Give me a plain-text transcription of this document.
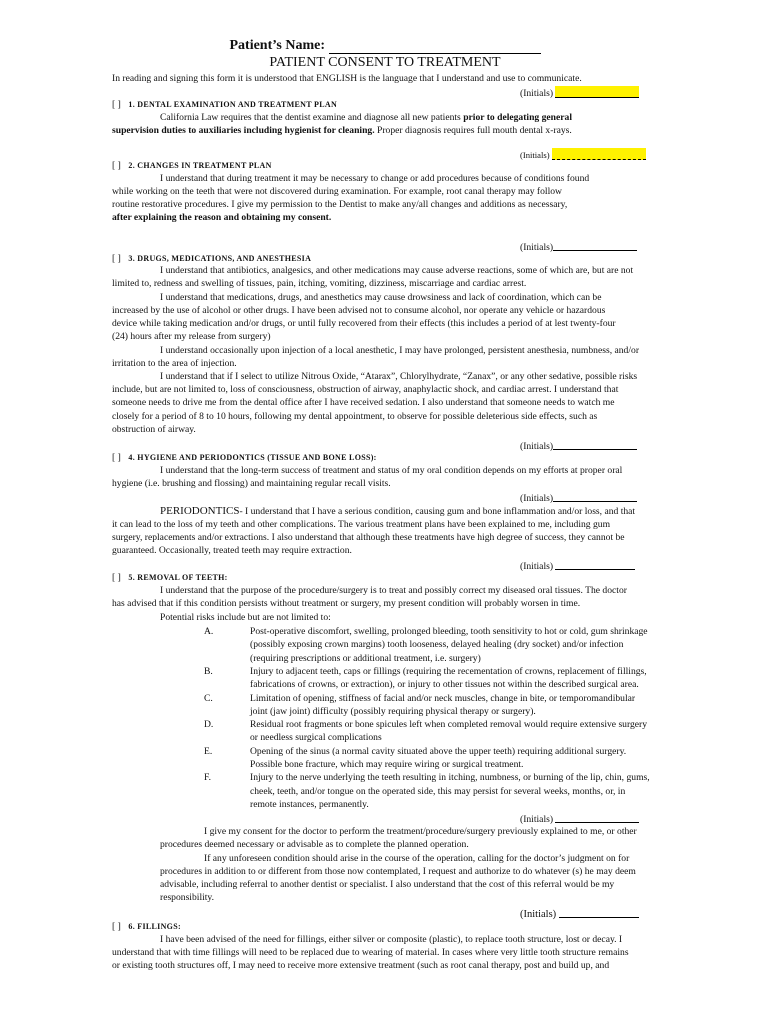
Patient’s Name:
PATIENT CONSENT TO TREATMENT
In reading and signing this form it is understood that ENGLISH is the language that I understand and use to communicate.
(Initials)
[ ] 1. DENTAL EXAMINATION AND TREATMENT PLAN
California Law requires that the dentist examine and diagnose all new patients prior to delegating general
supervision duties to auxiliaries including hygienist for cleaning. Proper diagnosis requires full mouth dental x-rays.
(Initials)
[ ] 2. CHANGES IN TREATMENT PLAN
I understand that during treatment it may be necessary to change or add procedures because of conditions found
while working on the teeth that were not discovered during examination. For example, root canal therapy may follow
routine restorative procedures. I give my permission to the Dentist to make any/all changes and additions as necessary,
after explaining the reason and obtaining my consent.
(Initials)
[ ] 3. DRUGS, MEDICATIONS, AND ANESTHESIA
I understand that antibiotics, analgesics, and other medications may cause adverse reactions, some of which are, but are not
limited to, redness and swelling of tissues, pain, itching, vomiting, dizziness, miscarriage and cardiac arrest.
I understand that medications, drugs, and anesthetics may cause drowsiness and lack of coordination, which can be
increased by the use of alcohol or other drugs. I have been advised not to consume alcohol, nor operate any vehicle or hazardous
device while taking medication and/or drugs, or until fully recovered from their effects (this includes a period of at lest twenty-four
(24) hours after my release from surgery)
I understand occasionally upon injection of a local anesthetic, I may have prolonged, persistent anesthesia, numbness, and/or
irritation to the area of injection.
I understand that if I select to utilize Nitrous Oxide, “Atarax”, Chlorylhydrate, “Zanax”, or any other sedative, possible risks
include, but are not limited to, loss of consciousness, obstruction of airway, anaphylactic shock, and cardiac arrest. I understand that
someone needs to drive me from the dental office after I have received sedation. I also understand that someone needs to watch me
closely for a period of 8 to 10 hours, following my dental appointment, to observe for possible deleterious side effects, such as
obstruction of airway.
(Initials)
[ ] 4. HYGIENE AND PERIODONTICS (TISSUE AND BONE LOSS):
I understand that the long-term success of treatment and status of my oral condition depends on my efforts at proper oral
hygiene (i.e. brushing and flossing) and maintaining regular recall visits.
(Initials)
PERIODONTICS- I understand that I have a serious condition, causing gum and bone inflammation and/or loss, and that
it can lead to the loss of my teeth and other complications. The various treatment plans have been explained to me, including gum
surgery, replacements and/or extractions. I also understand that although these treatments have high degree of success, they cannot be
guaranteed. Occasionally, treated teeth may require extraction.
(Initials)
[ ] 5. REMOVAL OF TEETH:
I understand that the purpose of the procedure/surgery is to treat and possibly correct my diseased oral tissues. The doctor
has advised that if this condition persists without treatment or surgery, my present condition will probably worsen in time.
Potential risks include but are not limited to:
A.	Post-operative discomfort, swelling, prolonged bleeding, tooth sensitivity to hot or cold, gum shrinkage
(possibly exposing crown margins) tooth looseness, delayed healing (dry socket) and/or infection
(requiring prescriptions or additional treatment, i.e. surgery)
B.	Injury to adjacent teeth, caps or fillings (requiring the recementation of crowns, replacement of fillings,
fabrications of crowns, or extraction), or injury to other tissues not within the described surgical area.
C.	Limitation of opening, stiffness of facial and/or neck muscles, change in bite, or temporomandibular
joint (jaw joint) difficulty (possibly requiring physical therapy or surgery).
D.	Residual root fragments or bone spicules left when completed removal would require extensive surgery
or needless surgical complications
E.	Opening of the sinus (a normal cavity situated above the upper teeth) requiring additional surgery.
Possible bone fracture, which may require wiring or surgical treatment.
F.	Injury to the nerve underlying the teeth resulting in itching, numbness, or burning of the lip, chin, gums,
cheek, teeth, and/or tongue on the operated side, this may persist for several weeks, months, or, in
remote instances, permanently.
(Initials)
I give my consent for the doctor to perform the treatment/procedure/surgery previously explained to me, or other
procedures deemed necessary or advisable as to complete the planned operation.
If any unforeseen condition should arise in the course of the operation, calling for the doctor’s judgment on for
procedures in addition to or different from those now contemplated, I request and authorize to do whatever (s) he may deem
advisable, including referral to another dentist or specialist. I also understand that the cost of this referral would be my
responsibility.
(Initials)
[ ] 6. FILLINGS:
I have been advised of the need for fillings, either silver or composite (plastic), to replace tooth structure, lost or decay. I
understand that with time fillings will need to be replaced due to wearing of material. In cases where very little tooth structure remains
or existing tooth structures off, I may need to receive more extensive treatment (such as root canal therapy, post and build up, and
